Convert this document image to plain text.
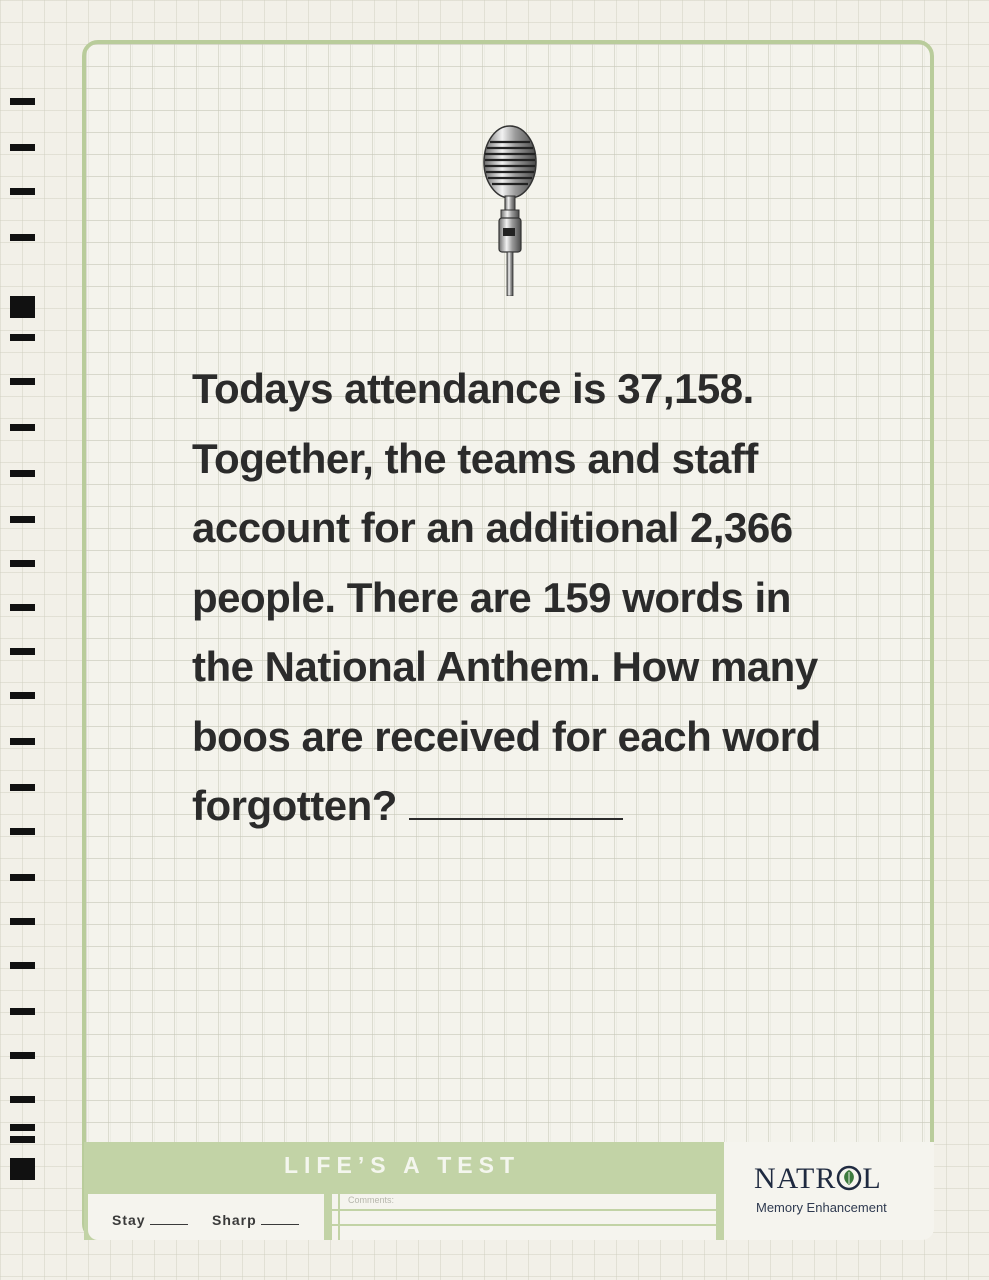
Todays attendance is 37,158.
Together, the teams and staff
account for an additional 2,366
people. There are 159 words in
the National Anthem. How many
boos are received for each word
forgotten?
LIFE’S A TEST
Stay	Sharp
Comments:
NATR L
Memory Enhancement
